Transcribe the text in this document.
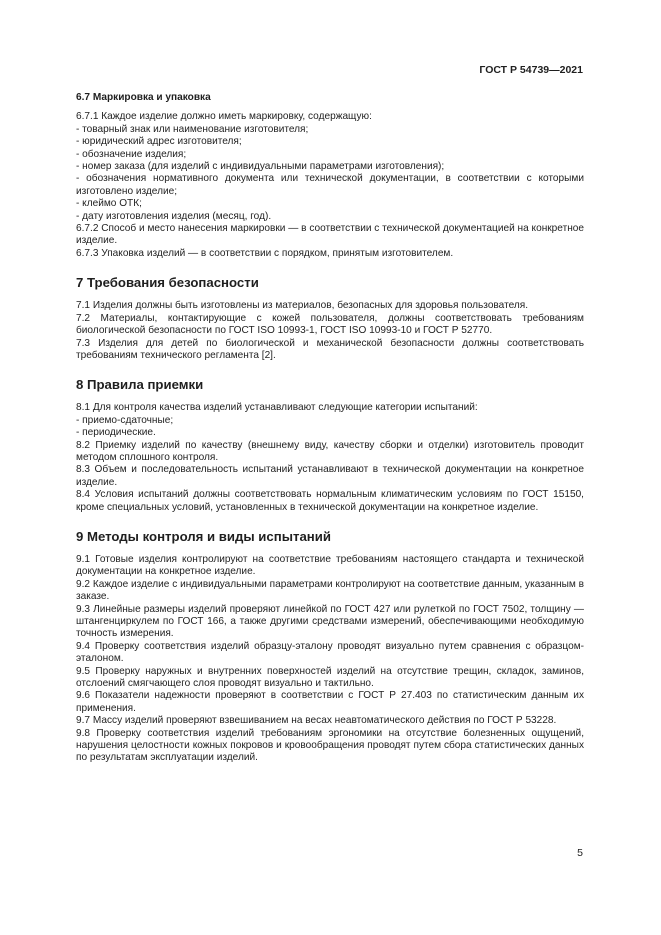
ГОСТ Р 54739—2021
6.7 Маркировка и упаковка

6.7.1 Каждое изделие должно иметь маркировку, содержащую:

- товарный знак или наименование изготовителя;

- юридический адрес изготовителя;

- обозначение изделия;

- номер заказа (для изделий с индивидуальными параметрами изготовления);

- обозначения нормативного документа или технической документации, в соответствии с которыми изготовлено изделие;

- клеймо ОТК;

- дату изготовления изделия (месяц, год).

6.7.2 Способ и место нанесения маркировки — в соответствии с технической документацией на конкретное изделие.

6.7.3 Упаковка изделий — в соответствии с порядком, принятым изготовителем.

7 Требования безопасности

7.1 Изделия должны быть изготовлены из материалов, безопасных для здоровья пользователя.

7.2 Материалы, контактирующие с кожей пользователя, должны соответствовать требованиям биологической безопасности по ГОСТ ISO 10993-1, ГОСТ ISO 10993-10 и ГОСТ Р 52770.

7.3 Изделия для детей по биологической и механической безопасности должны соответствовать требованиям технического регламента [2].

8 Правила приемки

8.1 Для контроля качества изделий устанавливают следующие категории испытаний:

- приемо-сдаточные;

- периодические.

8.2 Приемку изделий по качеству (внешнему виду, качеству сборки и отделки) изготовитель проводит методом сплошного контроля.

8.3 Объем и последовательность испытаний устанавливают в технической документации на конкретное изделие.

8.4 Условия испытаний должны соответствовать нормальным климатическим условиям по ГОСТ 15150, кроме специальных условий, установленных в технической документации на конкретное изделие.

9 Методы контроля и виды испытаний

9.1 Готовые изделия контролируют на соответствие требованиям настоящего стандарта и технической документации на конкретное изделие.

9.2 Каждое изделие с индивидуальными параметрами контролируют на соответствие данным, указанным в заказе.

9.3 Линейные размеры изделий проверяют линейкой по ГОСТ 427 или рулеткой по ГОСТ 7502, толщину — штангенциркулем по ГОСТ 166, а также другими средствами измерений, обеспечивающими необходимую точность измерения.

9.4 Проверку соответствия изделий образцу-эталону проводят визуально путем сравнения с образцом-эталоном.

9.5 Проверку наружных и внутренних поверхностей изделий на отсутствие трещин, складок, заминов, отслоений смягчающего слоя проводят визуально и тактильно.

9.6 Показатели надежности проверяют в соответствии с ГОСТ Р 27.403 по статистическим данным их применения.

9.7 Массу изделий проверяют взвешиванием на весах неавтоматического действия по ГОСТ Р 53228.

9.8 Проверку соответствия изделий требованиям эргономики на отсутствие болезненных ощущений, нарушения целостности кожных покровов и кровообращения проводят путем сбора статистических данных по результатам эксплуатации изделий.

5
